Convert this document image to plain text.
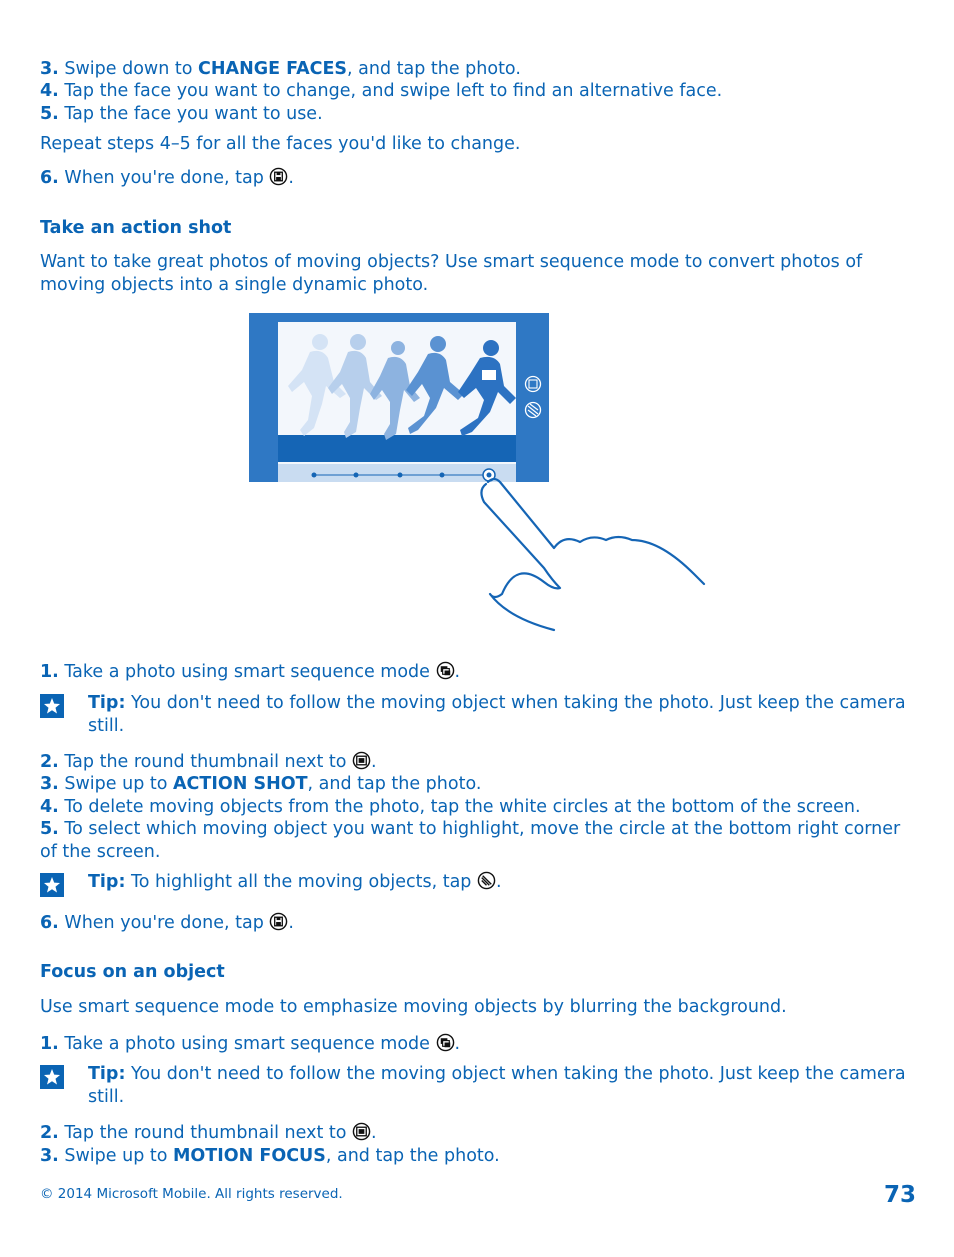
3. Swipe down to CHANGE FACES, and tap the photo.
4. Tap the face you want to change, and swipe left to find an alternative face.
5. Tap the face you want to use.
Repeat steps 4–5 for all the faces you'd like to change.
6. When you're done, tap .
Take an action shot
Want to take great photos of moving objects? Use smart sequence mode to convert photos of moving objects into a single dynamic photo.
1. Take a photo using smart sequence mode .
Tip: You don't need to follow the moving object when taking the photo. Just keep the camera still.
2. Tap the round thumbnail next to .
3. Swipe up to ACTION SHOT, and tap the photo.
4. To delete moving objects from the photo, tap the white circles at the bottom of the screen.
5. To select which moving object you want to highlight, move the circle at the bottom right corner of the screen.
Tip: To highlight all the moving objects, tap .
6. When you're done, tap .
Focus on an object
Use smart sequence mode to emphasize moving objects by blurring the background.
1. Take a photo using smart sequence mode .
Tip: You don't need to follow the moving object when taking the photo. Just keep the camera still.
2. Tap the round thumbnail next to .
3. Swipe up to MOTION FOCUS, and tap the photo.
© 2014 Microsoft Mobile. All rights reserved.	73
